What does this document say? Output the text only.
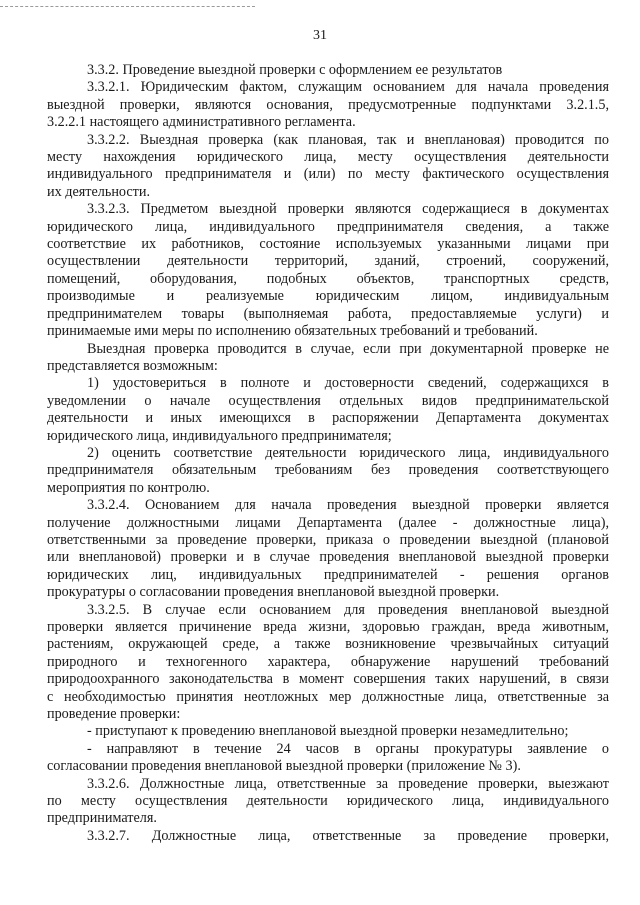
31
3.3.2. Проведение выездной проверки с оформлением ее результатов
3.3.2.1. Юридическим фактом, служащим основанием для начала проведения
выездной проверки, являются основания, предусмотренные подпунктами 3.2.1.5,
3.2.2.1 настоящего административного регламента.
3.3.2.2. Выездная проверка (как плановая, так и внеплановая) проводится по
месту нахождения юридического лица, месту осуществления деятельности
индивидуального предпринимателя и (или) по месту фактического осуществления
их деятельности.
3.3.2.3. Предметом выездной проверки являются содержащиеся в документах
юридического лица, индивидуального предпринимателя сведения, а также
соответствие их работников, состояние используемых указанными лицами при
осуществлении деятельности территорий, зданий, строений, сооружений,
помещений, оборудования, подобных объектов, транспортных средств,
производимые и реализуемые юридическим лицом, индивидуальным
предпринимателем товары (выполняемая работа, предоставляемые услуги) и
принимаемые ими меры по исполнению обязательных требований и требований.
Выездная проверка проводится в случае, если при документарной проверке не
представляется возможным:
1) удостовериться в полноте и достоверности сведений, содержащихся в
уведомлении о начале осуществления отдельных видов предпринимательской
деятельности и иных имеющихся в распоряжении Департамента документах
юридического лица, индивидуального предпринимателя;
2) оценить соответствие деятельности юридического лица, индивидуального
предпринимателя обязательным требованиям без проведения соответствующего
мероприятия по контролю.
3.3.2.4. Основанием для начала проведения выездной проверки является
получение должностными лицами Департамента (далее - должностные лица),
ответственными за проведение проверки, приказа о проведении выездной (плановой
или внеплановой) проверки и в случае проведения внеплановой выездной проверки
юридических лиц, индивидуальных предпринимателей - решения органов
прокуратуры о согласовании проведения внеплановой выездной проверки.
3.3.2.5. В случае если основанием для проведения внеплановой выездной
проверки является причинение вреда жизни, здоровью граждан, вреда животным,
растениям, окружающей среде, а также возникновение чрезвычайных ситуаций
природного и техногенного характера, обнаружение нарушений требований
природоохранного законодательства в момент совершения таких нарушений, в связи
с необходимостью принятия неотложных мер должностные лица, ответственные за
проведение проверки:
- приступают к проведению внеплановой выездной проверки незамедлительно;
- направляют в течение 24 часов в органы прокуратуры заявление о
согласовании проведения внеплановой выездной проверки (приложение № 3).
3.3.2.6. Должностные лица, ответственные за проведение проверки, выезжают
по месту осуществления деятельности юридического лица, индивидуального
предпринимателя.
3.3.2.7. Должностные лица, ответственные за проведение проверки,
